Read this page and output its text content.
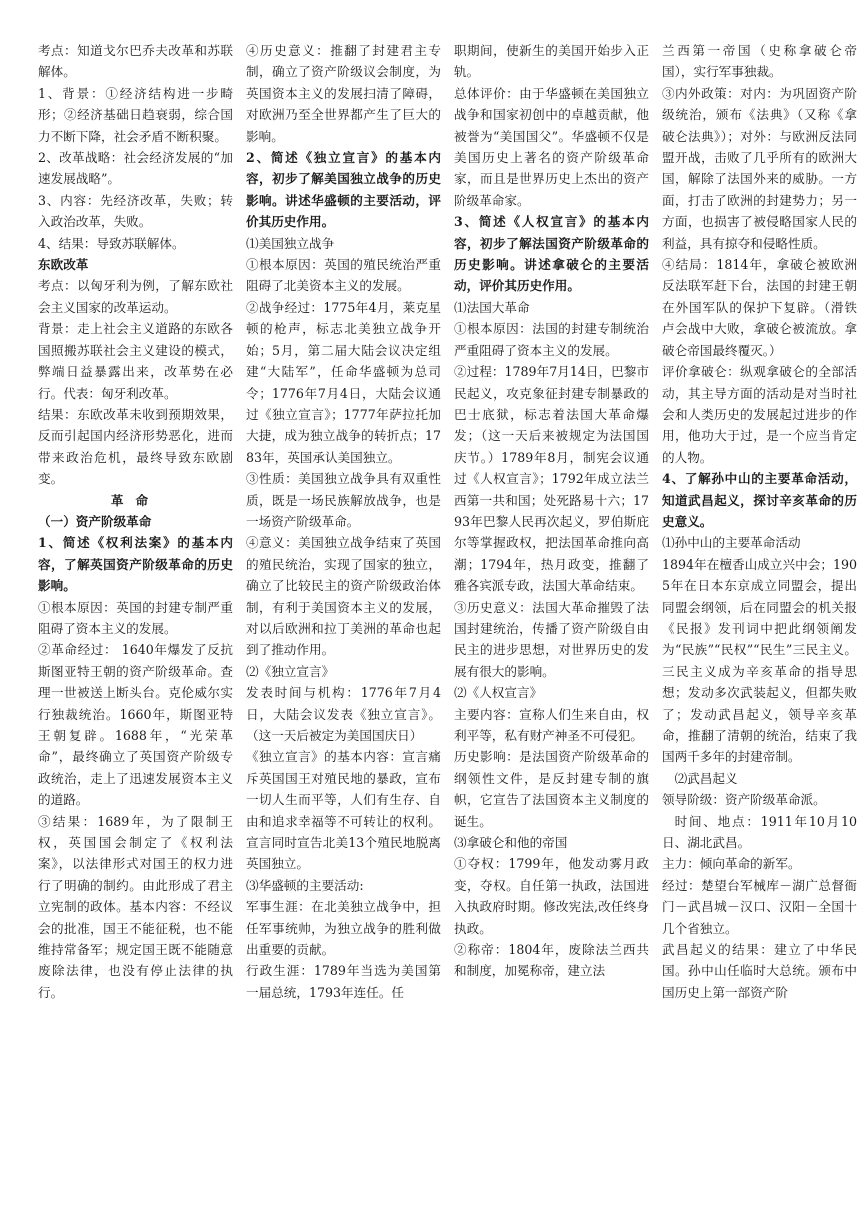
考点：知道戈尔巴乔夫改革和苏联解体。

1、背景：①经济结构进一步畸形；②经济基础日趋衰弱，综合国力不断下降，社会矛盾不断积聚。

2、改革战略：社会经济发展的“加速发展战略”。

3、内容：先经济改革，失败；转入政治改革，失败。

4、结果：导致苏联解体。

东欧改革

考点：以匈牙利为例，了解东欧社会主义国家的改革运动。

背景：走上社会主义道路的东欧各国照搬苏联社会主义建设的模式，弊端日益暴露出来，改革势在必行。代表：匈牙利改革。

结果：东欧改革未收到预期效果，反而引起国内经济形势恶化，进而带来政治危机，最终导致东欧剧变。

革命

（一）资产阶级革命

1、简述《权利法案》的基本内容，了解英国资产阶级革命的历史影响。

①根本原因：英国的封建专制严重阻碍了资本主义的发展。

②革命经过： 1640年爆发了反抗斯图亚特王朝的资产阶级革命。查理一世被送上断头台。克伦威尔实行独裁统治。1660年，斯图亚特王朝复辟。1688年，“光荣革命”，最终确立了英国资产阶级专政统治，走上了迅速发展资本主义的道路。

③结果：1689年，为了限制王权，英国国会制定了《权利法案》，以法律形式对国王的权力进行了明确的制约。由此形成了君主立宪制的政体。基本内容：不经议会的批准，国王不能征税，也不能维持常备军；规定国王既不能随意废除法律，也没有停止法律的执行。

④历史意义：推翻了封建君主专制，确立了资产阶级议会制度，为英国资本主义的发展扫清了障碍，对欧洲乃至全世界都产生了巨大的影响。

2、简述《独立宣言》的基本内容，初步了解美国独立战争的历史影响。讲述华盛顿的主要活动，评价其历史作用。

⑴美国独立战争

①根本原因：英国的殖民统治严重阻碍了北美资本主义的发展。

②战争经过：1775年4月，莱克星顿的枪声，标志北美独立战争开始；5月，第二届大陆会议决定组建“大陆军”，任命华盛顿为总司令；1776年7月4日，大陆会议通过《独立宣言》；1777年萨拉托加大捷，成为独立战争的转折点；1783年，英国承认美国独立。

③性质：美国独立战争具有双重性质，既是一场民族解放战争，也是一场资产阶级革命。

④意义：美国独立战争结束了英国的殖民统治，实现了国家的独立，确立了比较民主的资产阶级政治体制，有利于美国资本主义的发展，对以后欧洲和拉丁美洲的革命也起到了推动作用。

⑵《独立宣言》

发表时间与机构：1776年7月4日，大陆会议发表《独立宣言》。（这一天后被定为美国国庆日）

《独立宣言》的基本内容：宣言痛斥英国国王对殖民地的暴政，宣布一切人生而平等，人们有生存、自由和追求幸福等不可转让的权利。宣言同时宣告北美13个殖民地脱离英国独立。

⑶华盛顿的主要活动:

军事生涯：在北美独立战争中，担任军事统帅，为独立战争的胜利做出重要的贡献。

行政生涯：1789年当选为美国第一届总统，1793年连任。任

职期间，使新生的美国开始步入正轨。

总体评价：由于华盛顿在美国独立战争和国家初创中的卓越贡献，他被誉为“美国国父”。华盛顿不仅是美国历史上著名的资产阶级革命家，而且是世界历史上杰出的资产阶级革命家。

3、简述《人权宣言》的基本内容，初步了解法国资产阶级革命的历史影响。讲述拿破仑的主要活动，评价其历史作用。

⑴法国大革命

①根本原因：法国的封建专制统治严重阻碍了资本主义的发展。

②过程：1789年7月14日，巴黎市民起义，攻克象征封建专制暴政的巴士底狱，标志着法国大革命爆发；（这一天后来被规定为法国国庆节。）1789年8月，制宪会议通过《人权宣言》；1792年成立法兰西第一共和国；处死路易十六；1793年巴黎人民再次起义，罗伯斯庇尔等掌握政权，把法国革命推向高潮；1794年，热月政变，推翻了雅各宾派专政，法国大革命结束。

③历史意义：法国大革命摧毁了法国封建统治，传播了资产阶级自由民主的进步思想，对世界历史的发展有很大的影响。

⑵《人权宣言》

主要内容：宣称人们生来自由，权利平等，私有财产神圣不可侵犯。

历史影响：是法国资产阶级革命的纲领性文件，是反封建专制的旗帜，它宣告了法国资本主义制度的诞生。

⑶拿破仑和他的帝国

①夺权：1799年，他发动雾月政变，夺权。自任第一执政，法国进入执政府时期。修改宪法,改任终身执政。

②称帝：1804年，废除法兰西共和制度，加冕称帝，建立法

兰西第一帝国（史称拿破仑帝国），实行军事独裁。

③内外政策：对内：为巩固资产阶级统治，颁布《法典》（又称《拿破仑法典》）；对外：与欧洲反法同盟开战，击败了几乎所有的欧洲大国，解除了法国外来的威胁。一方面，打击了欧洲的封建势力；另一方面，也损害了被侵略国家人民的利益，具有掠夺和侵略性质。

④结局：1814年，拿破仑被欧洲反法联军赶下台，法国的封建王朝在外国军队的保护下复辟。（滑铁卢会战中大败，拿破仑被流放。拿破仑帝国最终覆灭。）

评价拿破仑：纵观拿破仑的全部活动，其主导方面的活动是对当时社会和人类历史的发展起过进步的作用，他功大于过，是一个应当肯定的人物。

4、了解孙中山的主要革命活动，知道武昌起义，探讨辛亥革命的历史意义。

⑴孙中山的主要革命活动

1894年在檀香山成立兴中会；1905年在日本东京成立同盟会，提出同盟会纲领，后在同盟会的机关报《民报》发刊词中把此纲领阐发为“民族”“民权”“民生”三民主义。三民主义成为辛亥革命的指导思想；发动多次武装起义，但都失败了；发动武昌起义，领导辛亥革命，推翻了清朝的统治，结束了我国两千多年的封建帝制。

⑵武昌起义

领导阶级：资产阶级革命派。

时间、地点：1911年10月10日、湖北武昌。

主力：倾向革命的新军。

经过：楚望台军械库－湖广总督衙门－武昌城－汉口、汉阳－全国十几个省独立。

武昌起义的结果：建立了中华民国。孙中山任临时大总统。颁布中国历史上第一部资产阶
